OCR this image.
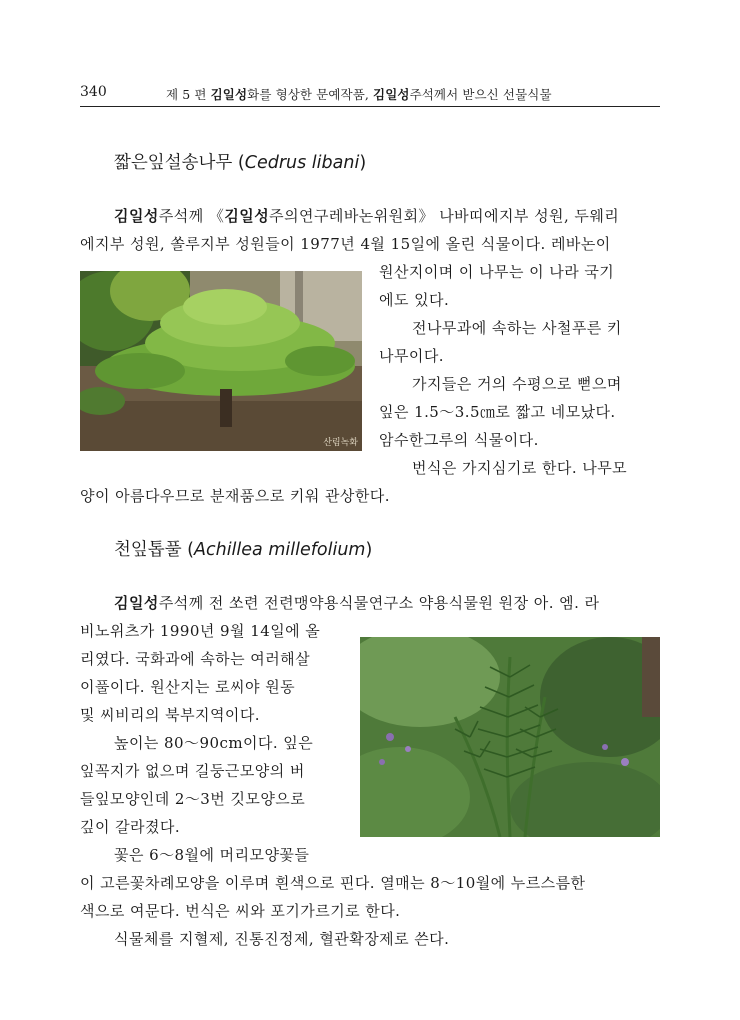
340	제 5 편 김일성화를 형상한 문예작품, 김일성주석께서 받으신 선물식물
짧은잎설송나무 (Cedrus libani)
김일성주석께 《김일성주의연구레바논위원회》 나바띠에지부 성원, 두웨리
에지부 성원, 쏠루지부 성원들이 1977년 4월 15일에 올린 식물이다. 레바논이
원산지이며 이 나무는 이 나라 국기
에도 있다.
전나무과에 속하는 사철푸른 키
나무이다.
가지들은 거의 수평으로 뻗으며
잎은 1.5～3.5㎝로 짧고 네모났다.
암수한그루의 식물이다.
번식은 가지심기로 한다. 나무모
양이 아름다우므로 분재품으로 키워 관상한다.
산림녹화
천잎톱풀 (Achillea millefolium)
김일성주석께 전 쏘련 전련맹약용식물연구소 약용식물원 원장 아. 엠. 라
비노위츠가 1990년 9월 14일에 올
리였다. 국화과에 속하는 여러해살
이풀이다. 원산지는 로씨야 원동
및 씨비리의 북부지역이다.
높이는 80～90cm이다. 잎은
잎꼭지가 없으며 길둥근모양의 버
들잎모양인데 2～3번 깃모양으로
깊이 갈라졌다.
꽃은 6～8월에 머리모양꽃들
이 고른꽃차례모양을 이루며 흰색으로 핀다. 열매는 8～10월에 누르스름한
색으로 여문다. 번식은 씨와 포기가르기로 한다.
식물체를 지혈제, 진통진정제, 혈관확장제로 쓴다.
